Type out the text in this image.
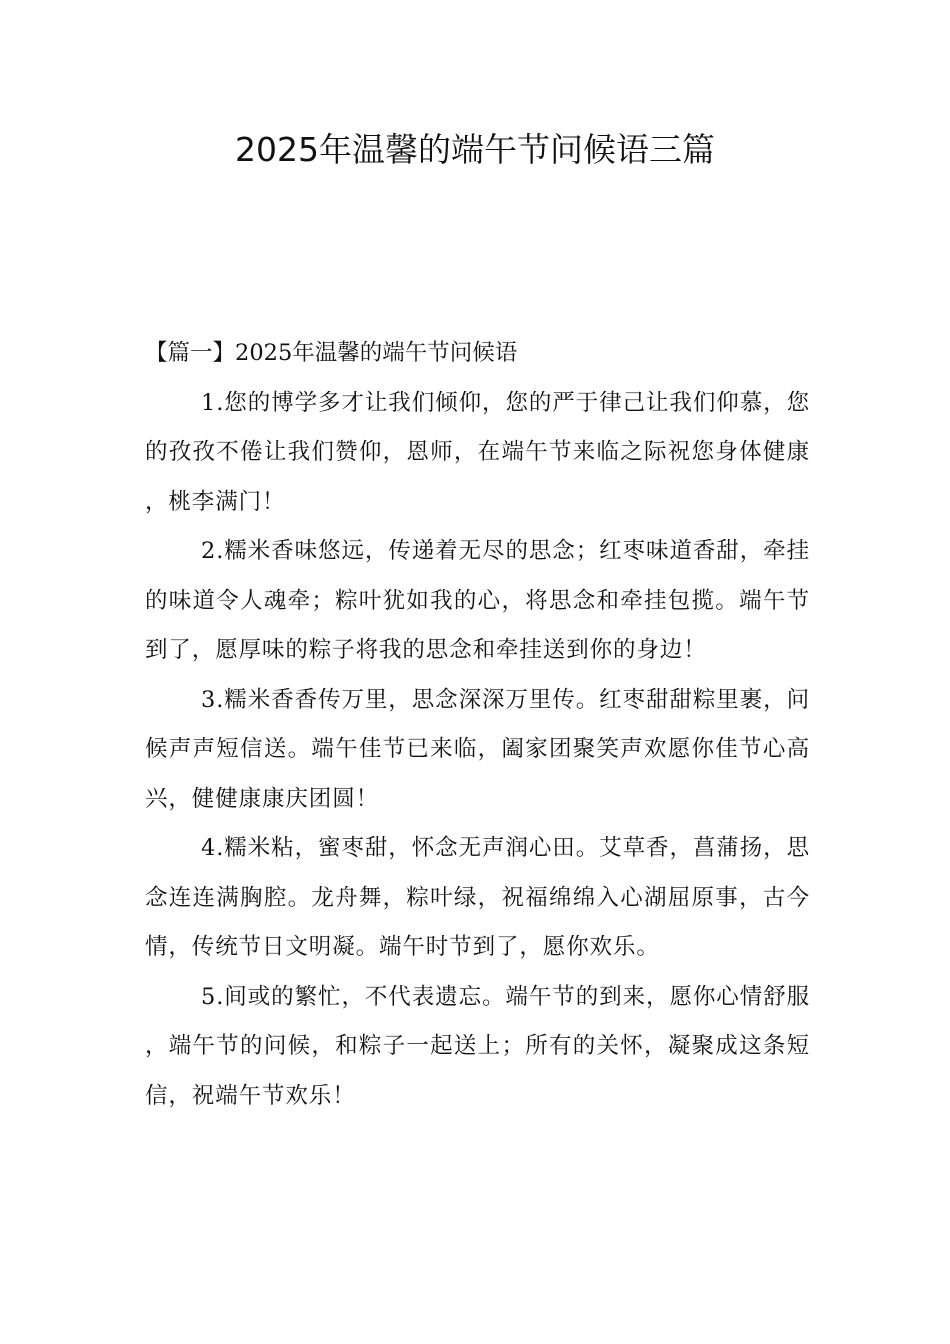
2025年温馨的端午节问候语三篇

【篇一】2025年温馨的端午节问候语

1.您的博学多才让我们倾仰，您的严于律己让我们仰慕，您的孜孜不倦让我们赞仰，恩师，在端午节来临之际祝您身体健康，桃李满门！

2.糯米香味悠远，传递着无尽的思念；红枣味道香甜，牵挂的味道令人魂牵；粽叶犹如我的心，将思念和牵挂包揽。端午节到了，愿厚味的粽子将我的思念和牵挂送到你的身边！

3.糯米香香传万里，思念深深万里传。红枣甜甜粽里裹，问候声声短信送。端午佳节已来临，阖家团聚笑声欢愿你佳节心高兴，健健康康庆团圆！

4.糯米粘，蜜枣甜，怀念无声润心田。艾草香，菖蒲扬，思念连连满胸腔。龙舟舞，粽叶绿，祝福绵绵入心湖屈原事，古今情，传统节日文明凝。端午时节到了，愿你欢乐。

5.间或的繁忙，不代表遗忘。端午节的到来，愿你心情舒服，端午节的问候，和粽子一起送上；所有的关怀，凝聚成这条短信，祝端午节欢乐！
